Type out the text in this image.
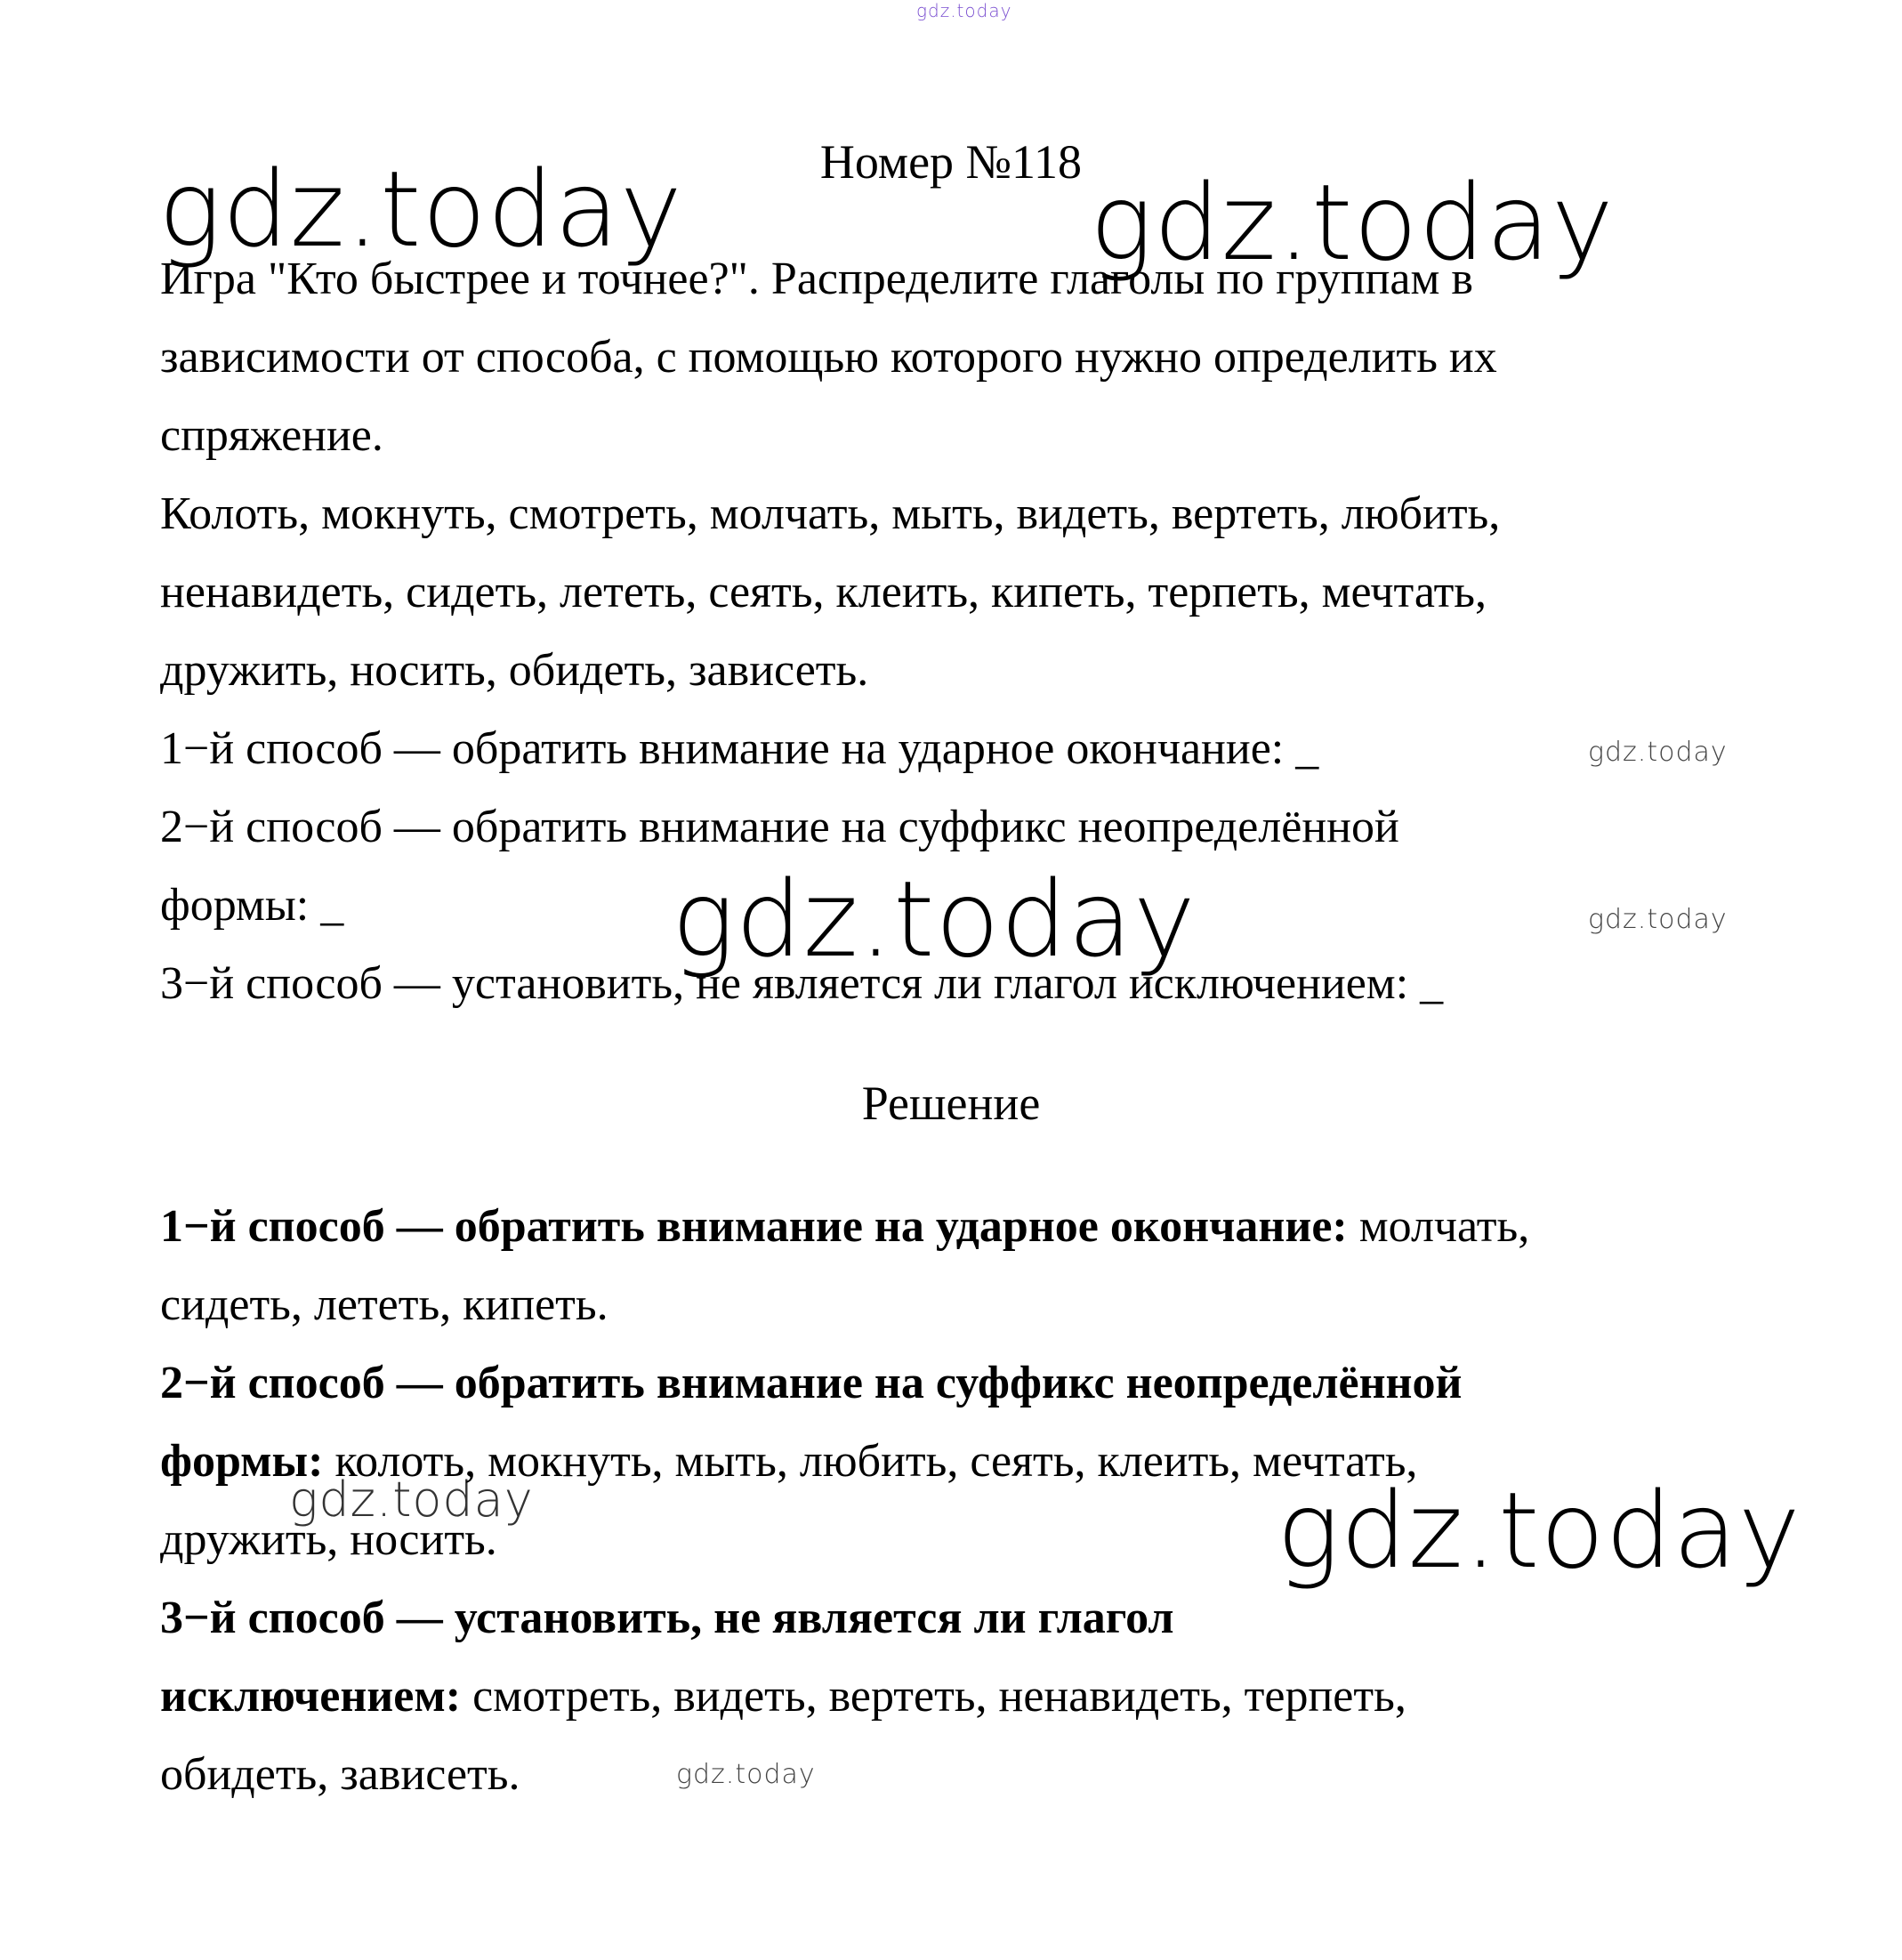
gdz.today
gdz.today	gdz.today
gdz.today
gdz.today	gdz.today
gdz.today	gdz.today
gdz.today
Номер №118
Игра "Кто быстрее и точнее?". Распределите глаголы по группам в
зависимости от способа, с помощью которого нужно определить их
спряжение.
Колоть, мокнуть, смотреть, молчать, мыть, видеть, вертеть, любить,
ненавидеть, сидеть, лететь, сеять, клеить, кипеть, терпеть, мечтать,
дружить, носить, обидеть, зависеть.
1−й способ — обратить внимание на ударное окончание: _
2−й способ — обратить внимание на суффикс неопределённой
формы: _
3−й способ — установить, не является ли глагол исключением: _
Решение
1−й способ — обратить внимание на ударное окончание: молчать,
сидеть, лететь, кипеть.
2−й способ — обратить внимание на суффикс неопределённой
формы: колоть, мокнуть, мыть, любить, сеять, клеить, мечтать,
дружить, носить.
3−й способ — установить, не является ли глагол
исключением: смотреть, видеть, вертеть, ненавидеть, терпеть,
обидеть, зависеть.
